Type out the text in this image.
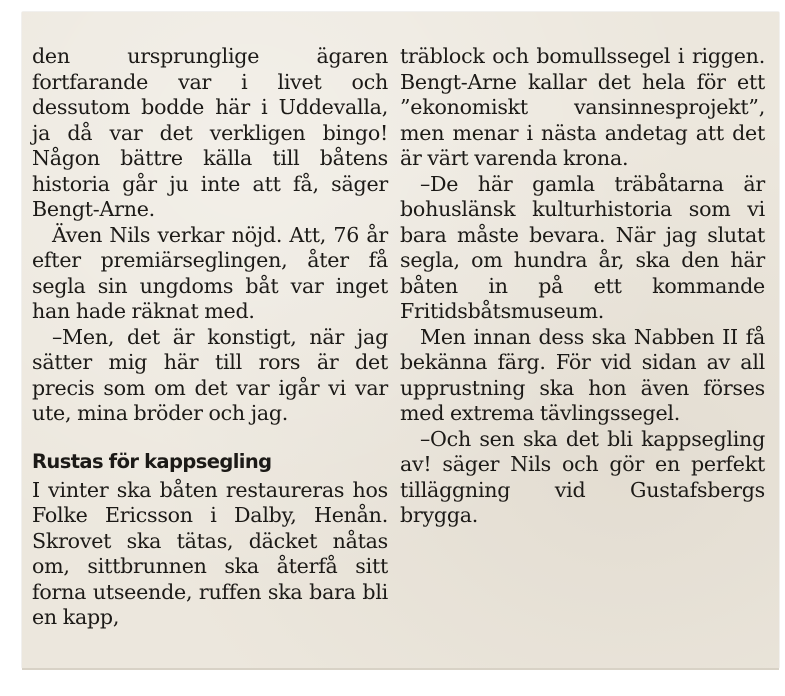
den ursprunglige ägaren fortfarande var i livet och dessutom bodde här i Uddevalla, ja då var det verkligen bingo! Någon bättre källa till båtens historia går ju inte att få, säger Bengt-Arne.

Även Nils verkar nöjd. Att, 76 år efter premiärseglingen, åter få segla sin ungdoms båt var inget han hade räknat med.

–Men, det är konstigt, när jag sätter mig här till rors är det precis som om det var igår vi var ute, mina bröder och jag.

Rustas för kappsegling

I vinter ska båten restaureras hos Folke Ericsson i Dalby, Henån. Skrovet ska tätas, däcket nåtas om, sittbrunnen ska återfå sitt forna utseende, ruffen ska bara bli en kapp,

träblock och bomullssegel i riggen. Bengt-Arne kallar det hela för ett ”ekonomiskt vansinnesprojekt”, men menar i nästa andetag att det är värt varenda krona.

–De här gamla träbåtarna är bohuslänsk kulturhistoria som vi bara måste bevara. När jag slutat segla, om hundra år, ska den här båten in på ett kommande Fritidsbåtsmuseum.

Men innan dess ska Nabben II få bekänna färg. För vid sidan av all upprustning ska hon även förses med extrema tävlingssegel.

–Och sen ska det bli kappsegling av! säger Nils och gör en perfekt tilläggning vid Gustafsbergs brygga.
